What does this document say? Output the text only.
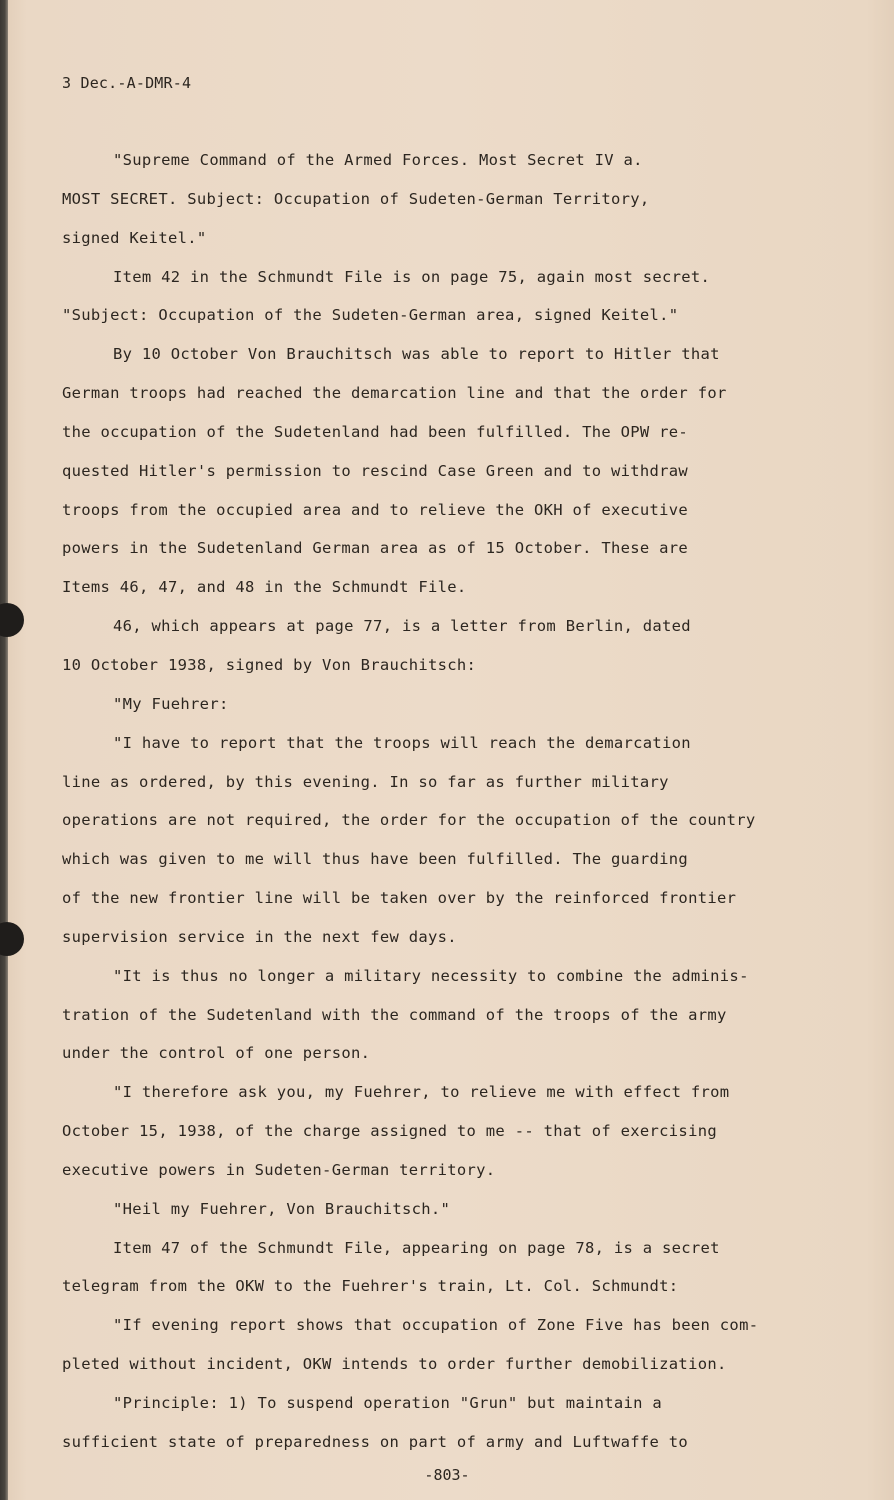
3 Dec.-A-DMR-4
"Supreme Command of the Armed Forces. Most Secret IV a.
MOST SECRET. Subject: Occupation of Sudeten-German Territory,
signed Keitel."
Item 42 in the Schmundt File is on page 75, again most secret.
"Subject: Occupation of the Sudeten-German area, signed Keitel."
By 10 October Von Brauchitsch was able to report to Hitler that
German troops had reached the demarcation line and that the order for
the occupation of the Sudetenland had been fulfilled. The OPW re-
quested Hitler's permission to rescind Case Green and to withdraw
troops from the occupied area and to relieve the OKH of executive
powers in the Sudetenland German area as of 15 October. These are
Items 46, 47, and 48 in the Schmundt File.
46, which appears at page 77, is a letter from Berlin, dated
10 October 1938, signed by Von Brauchitsch:
"My Fuehrer:
"I have to report that the troops will reach the demarcation
line as ordered, by this evening. In so far as further military
operations are not required, the order for the occupation of the country
which was given to me will thus have been fulfilled. The guarding
of the new frontier line will be taken over by the reinforced frontier
supervision service in the next few days.
"It is thus no longer a military necessity to combine the adminis-
tration of the Sudetenland with the command of the troops of the army
under the control of one person.
"I therefore ask you, my Fuehrer, to relieve me with effect from
October 15, 1938, of the charge assigned to me -- that of exercising
executive powers in Sudeten-German territory.
"Heil my Fuehrer, Von Brauchitsch."
Item 47 of the Schmundt File, appearing on page 78, is a secret
telegram from the OKW to the Fuehrer's train, Lt. Col. Schmundt:
"If evening report shows that occupation of Zone Five has been com-
pleted without incident, OKW intends to order further demobilization.
"Principle: 1) To suspend operation "Grun" but maintain a
sufficient state of preparedness on part of army and Luftwaffe to
-803-
